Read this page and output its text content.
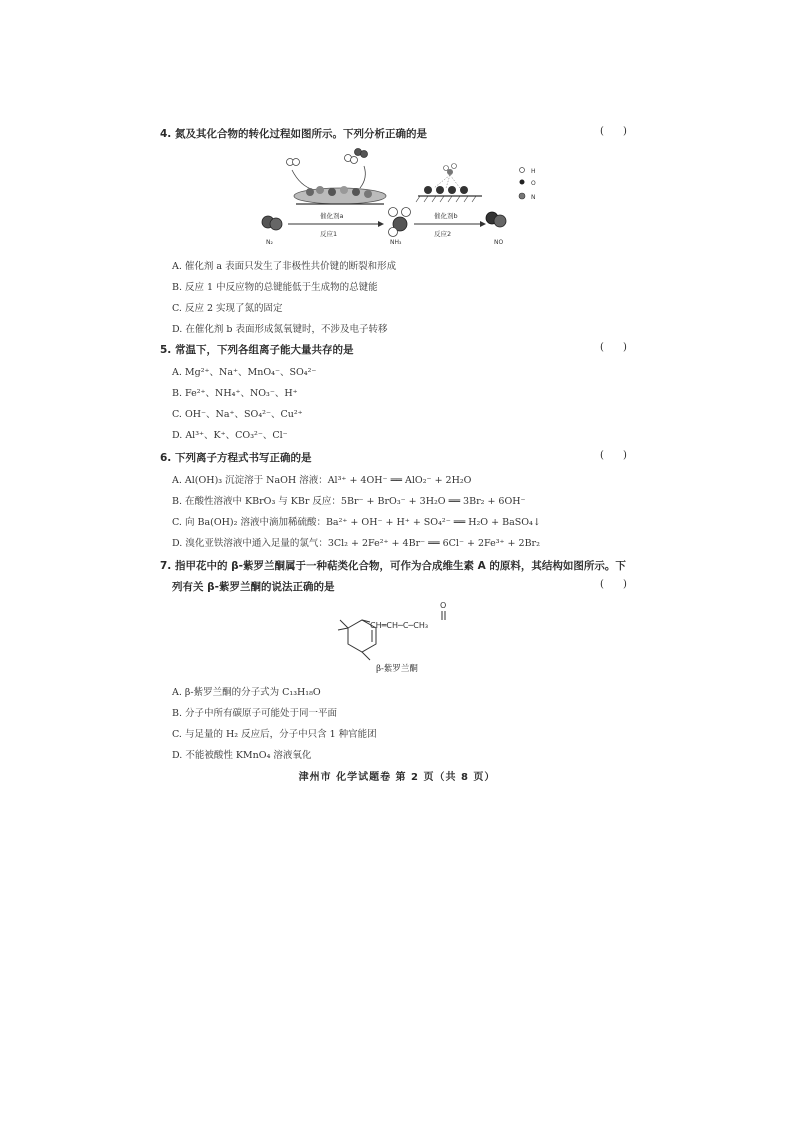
4. 氮及其化合物的转化过程如图所示。下列分析正确的是	(      )
N₂
催化剂a
反应1
NH₃
催化剂b
反应2
NO
H
O
N
A. 催化剂 a 表面只发生了非极性共价键的断裂和形成
B. 反应 1 中反应物的总键能低于生成物的总键能
C. 反应 2 实现了氮的固定
D. 在催化剂 b 表面形成氮氧键时，不涉及电子转移
5. 常温下，下列各组离子能大量共存的是	(      )
A. Mg²⁺、Na⁺、MnO₄⁻、SO₄²⁻
B. Fe²⁺、NH₄⁺、NO₃⁻、H⁺
C. OH⁻、Na⁺、SO₄²⁻、Cu²⁺
D. Al³⁺、K⁺、CO₃²⁻、Cl⁻
6. 下列离子方程式书写正确的是	(      )
A. Al(OH)₃ 沉淀溶于 NaOH 溶液：Al³⁺ + 4OH⁻ ══ AlO₂⁻ + 2H₂O
B. 在酸性溶液中 KBrO₃ 与 KBr 反应：5Br⁻ + BrO₃⁻ + 3H₂O ══ 3Br₂ + 6OH⁻
C. 向 Ba(OH)₂ 溶液中滴加稀硫酸：Ba²⁺ + OH⁻ + H⁺ + SO₄²⁻ ══ H₂O + BaSO₄↓
D. 溴化亚铁溶液中通入足量的氯气：3Cl₂ + 2Fe²⁺ + 4Br⁻ ══ 6Cl⁻ + 2Fe³⁺ + 2Br₂
7. 指甲花中的 β-紫罗兰酮属于一种萜类化合物，可作为合成维生素 A 的原料，其结构如图所示。下
列有关 β-紫罗兰酮的说法正确的是	(      )
O
CH═CH─C─CH₃
β-紫罗兰酮
A. β-紫罗兰酮的分子式为 C₁₃H₁₈O
B. 分子中所有碳原子可能处于同一平面
C. 与足量的 H₂ 反应后，分子中只含 1 种官能团
D. 不能被酸性 KMnO₄ 溶液氧化
津州市 化学试题卷 第 2 页（共 8 页）
